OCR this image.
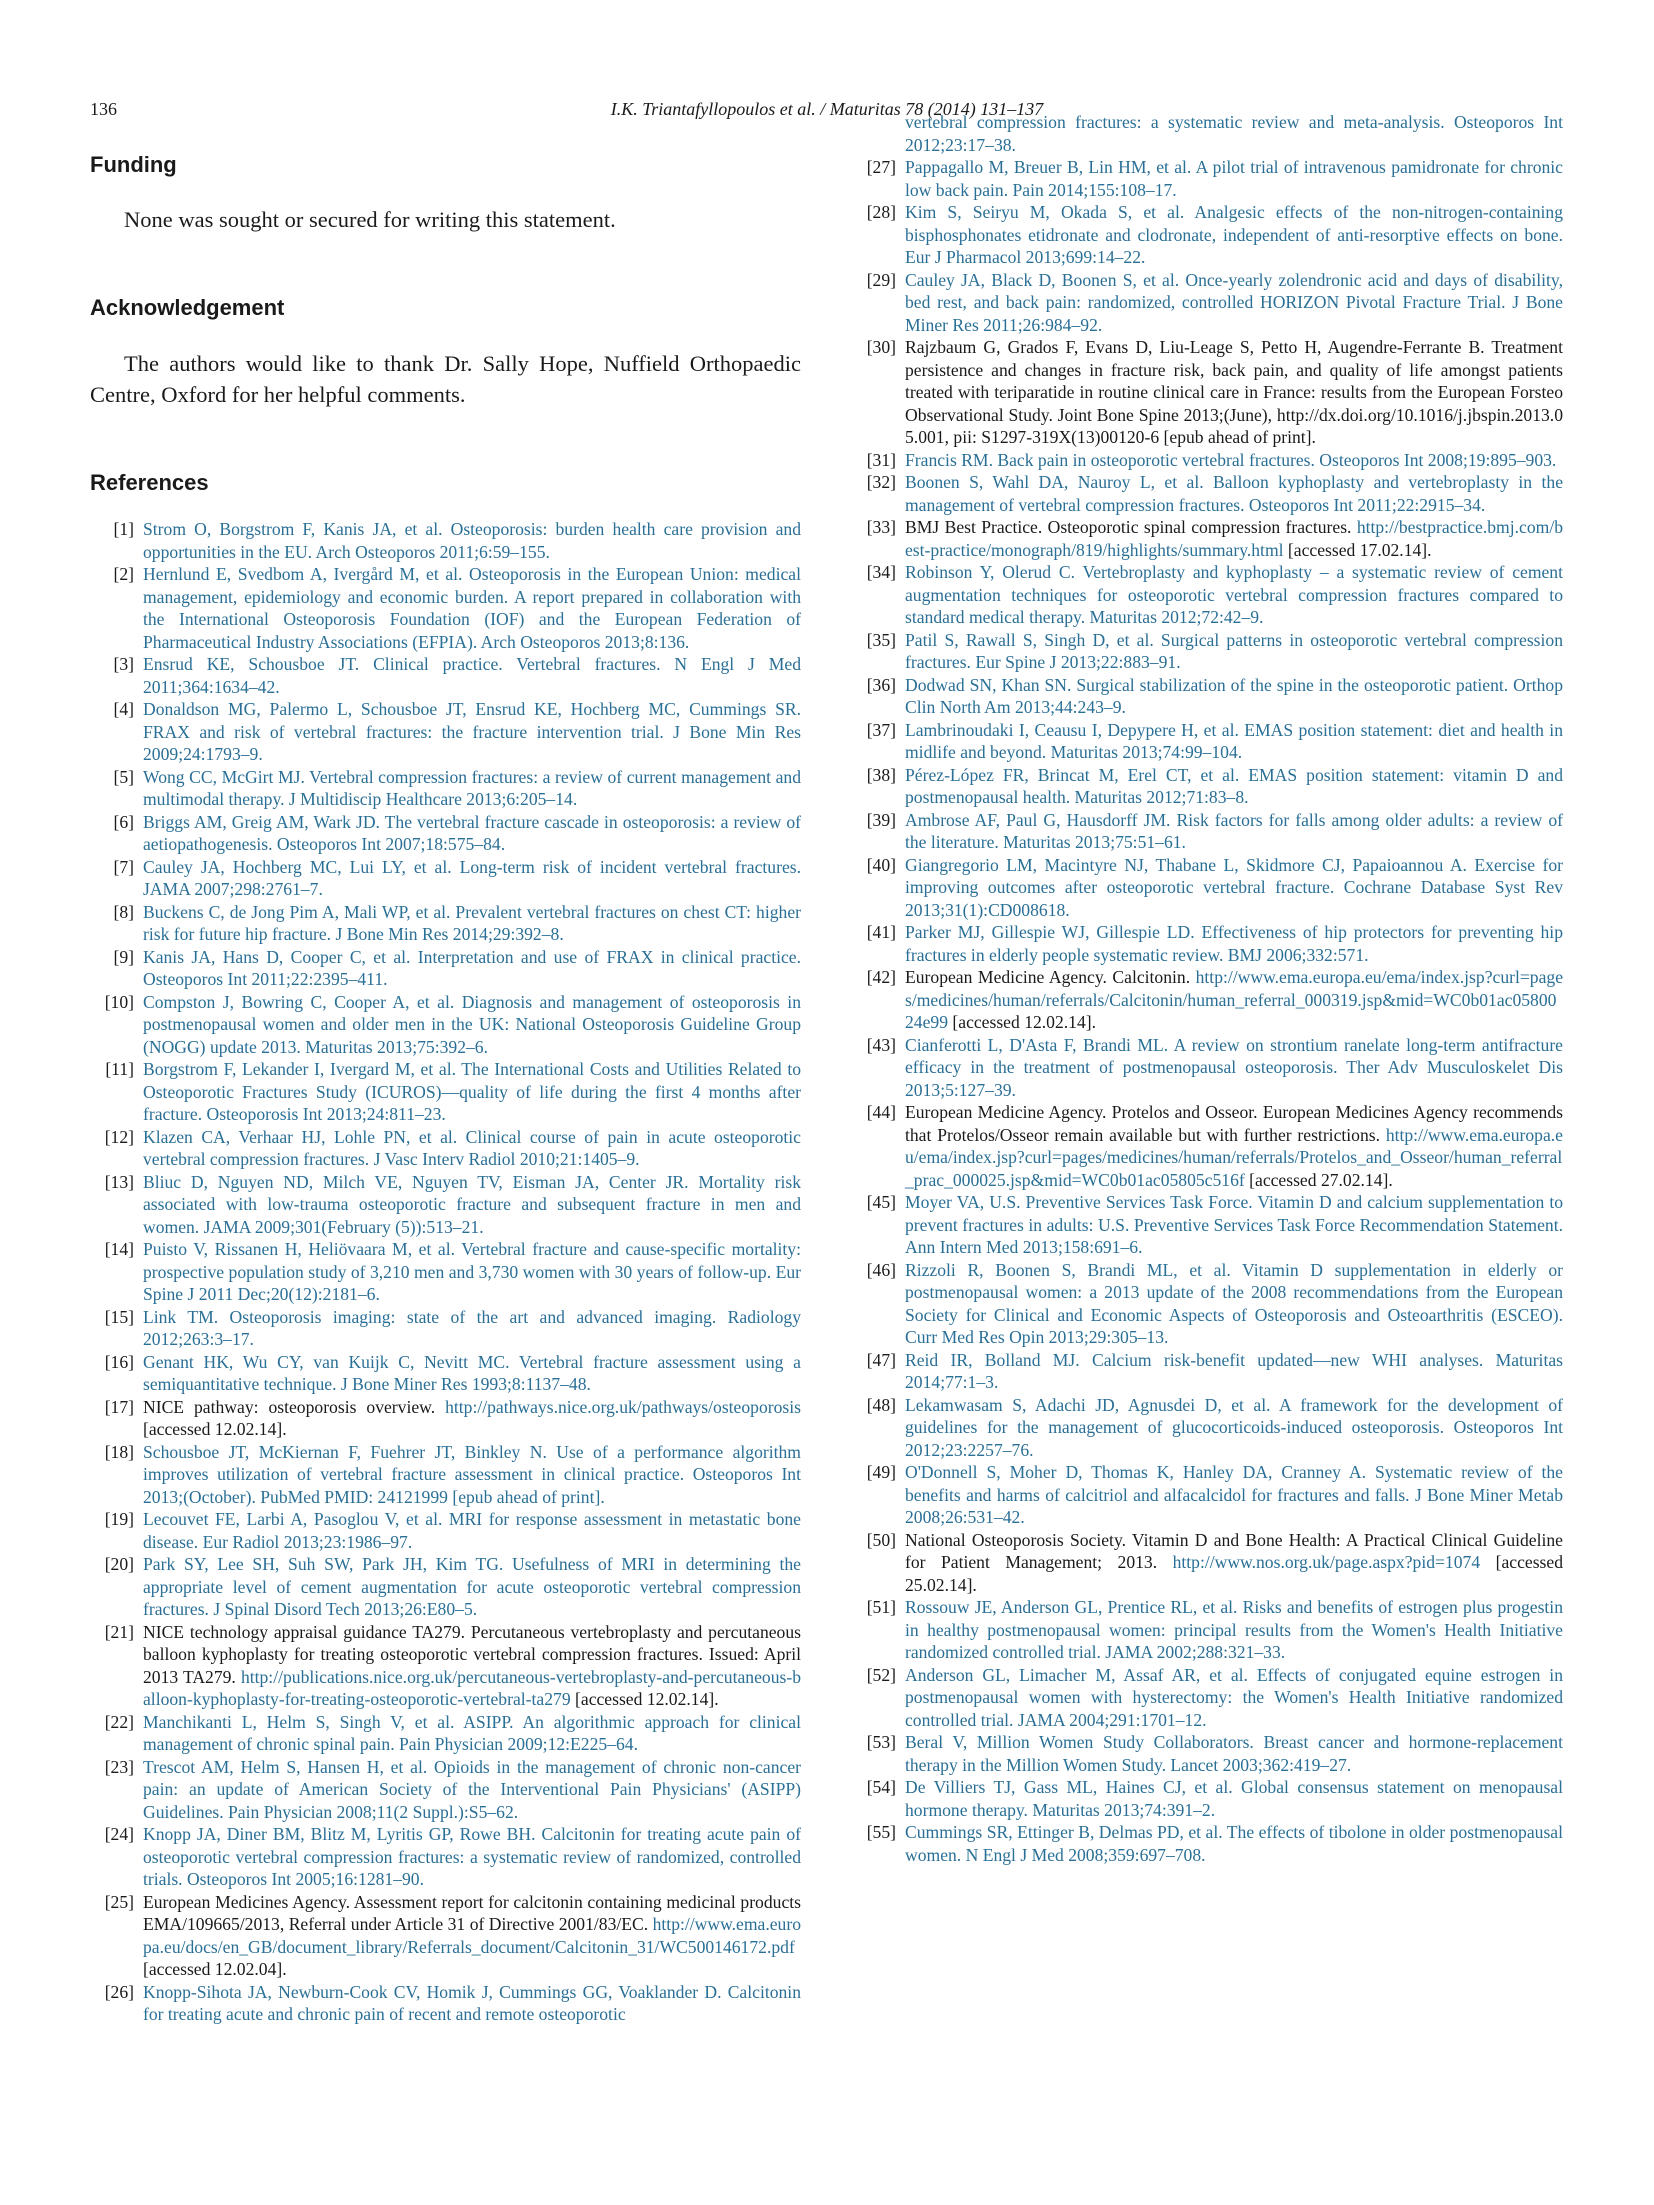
136	I.K. Triantafyllopoulos et al. / Maturitas 78 (2014) 131–137
Funding

None was sought or secured for writing this statement.

Acknowledgement

The authors would like to thank Dr. Sally Hope, Nuffield Orthopaedic Centre, Oxford for her helpful comments.

References
[1] Strom O, Borgstrom F, Kanis JA, et al. Osteoporosis: burden health care provision and opportunities in the EU. Arch Osteoporos 2011;6:59–155.
[2] Hernlund E, Svedbom A, Ivergård M, et al. Osteoporosis in the European Union: medical management, epidemiology and economic burden. A report prepared in collaboration with the International Osteoporosis Foundation (IOF) and the European Federation of Pharmaceutical Industry Associations (EFPIA). Arch Osteoporos 2013;8:136.
[3] Ensrud KE, Schousboe JT. Clinical practice. Vertebral fractures. N Engl J Med 2011;364:1634–42.
[4] Donaldson MG, Palermo L, Schousboe JT, Ensrud KE, Hochberg MC, Cummings SR. FRAX and risk of vertebral fractures: the fracture intervention trial. J Bone Min Res 2009;24:1793–9.
[5] Wong CC, McGirt MJ. Vertebral compression fractures: a review of current management and multimodal therapy. J Multidiscip Healthcare 2013;6:205–14.
[6] Briggs AM, Greig AM, Wark JD. The vertebral fracture cascade in osteoporosis: a review of aetiopathogenesis. Osteoporos Int 2007;18:575–84.
[7] Cauley JA, Hochberg MC, Lui LY, et al. Long-term risk of incident vertebral fractures. JAMA 2007;298:2761–7.
[8] Buckens C, de Jong Pim A, Mali WP, et al. Prevalent vertebral fractures on chest CT: higher risk for future hip fracture. J Bone Min Res 2014;29:392–8.
[9] Kanis JA, Hans D, Cooper C, et al. Interpretation and use of FRAX in clinical practice. Osteoporos Int 2011;22:2395–411.
[10] Compston J, Bowring C, Cooper A, et al. Diagnosis and management of osteoporosis in postmenopausal women and older men in the UK: National Osteoporosis Guideline Group (NOGG) update 2013. Maturitas 2013;75:392–6.
[11] Borgstrom F, Lekander I, Ivergard M, et al. The International Costs and Utilities Related to Osteoporotic Fractures Study (ICUROS)—quality of life during the first 4 months after fracture. Osteoporosis Int 2013;24:811–23.
[12] Klazen CA, Verhaar HJ, Lohle PN, et al. Clinical course of pain in acute osteoporotic vertebral compression fractures. J Vasc Interv Radiol 2010;21:1405–9.
[13] Bliuc D, Nguyen ND, Milch VE, Nguyen TV, Eisman JA, Center JR. Mortality risk associated with low-trauma osteoporotic fracture and subsequent fracture in men and women. JAMA 2009;301(February (5)):513–21.
[14] Puisto V, Rissanen H, Heliövaara M, et al. Vertebral fracture and cause-specific mortality: prospective population study of 3,210 men and 3,730 women with 30 years of follow-up. Eur Spine J 2011 Dec;20(12):2181–6.
[15] Link TM. Osteoporosis imaging: state of the art and advanced imaging. Radiology 2012;263:3–17.
[16] Genant HK, Wu CY, van Kuijk C, Nevitt MC. Vertebral fracture assessment using a semiquantitative technique. J Bone Miner Res 1993;8:1137–48.
[17] NICE pathway: osteoporosis overview. http://pathways.nice.org.uk/pathways/osteoporosis [accessed 12.02.14].
[18] Schousboe JT, McKiernan F, Fuehrer JT, Binkley N. Use of a performance algorithm improves utilization of vertebral fracture assessment in clinical practice. Osteoporos Int 2013;(October). PubMed PMID: 24121999 [epub ahead of print].
[19] Lecouvet FE, Larbi A, Pasoglou V, et al. MRI for response assessment in metastatic bone disease. Eur Radiol 2013;23:1986–97.
[20] Park SY, Lee SH, Suh SW, Park JH, Kim TG. Usefulness of MRI in determining the appropriate level of cement augmentation for acute osteoporotic vertebral compression fractures. J Spinal Disord Tech 2013;26:E80–5.
[21] NICE technology appraisal guidance TA279. Percutaneous vertebroplasty and percutaneous balloon kyphoplasty for treating osteoporotic vertebral compression fractures. Issued: April 2013 TA279. http://publications.nice.org.uk/percutaneous-vertebroplasty-and-percutaneous-balloon-kyphoplasty-for-treating-osteoporotic-vertebral-ta279 [accessed 12.02.14].
[22] Manchikanti L, Helm S, Singh V, et al. ASIPP. An algorithmic approach for clinical management of chronic spinal pain. Pain Physician 2009;12:E225–64.
[23] Trescot AM, Helm S, Hansen H, et al. Opioids in the management of chronic non-cancer pain: an update of American Society of the Interventional Pain Physicians' (ASIPP) Guidelines. Pain Physician 2008;11(2 Suppl.):S5–62.
[24] Knopp JA, Diner BM, Blitz M, Lyritis GP, Rowe BH. Calcitonin for treating acute pain of osteoporotic vertebral compression fractures: a systematic review of randomized, controlled trials. Osteoporos Int 2005;16:1281–90.
[25] European Medicines Agency. Assessment report for calcitonin containing medicinal products EMA/109665/2013, Referral under Article 31 of Directive 2001/83/EC. http://www.ema.europa.eu/docs/en_GB/document_library/Referrals_document/Calcitonin_31/WC500146172.pdf [accessed 12.02.04].
[26] Knopp-Sihota JA, Newburn-Cook CV, Homik J, Cummings GG, Voaklander D. Calcitonin for treating acute and chronic pain of recent and remote osteoporotic
vertebral compression fractures: a systematic review and meta-analysis. Osteoporos Int 2012;23:17–38.
[27] Pappagallo M, Breuer B, Lin HM, et al. A pilot trial of intravenous pamidronate for chronic low back pain. Pain 2014;155:108–17.
[28] Kim S, Seiryu M, Okada S, et al. Analgesic effects of the non-nitrogen-containing bisphosphonates etidronate and clodronate, independent of anti-resorptive effects on bone. Eur J Pharmacol 2013;699:14–22.
[29] Cauley JA, Black D, Boonen S, et al. Once-yearly zolendronic acid and days of disability, bed rest, and back pain: randomized, controlled HORIZON Pivotal Fracture Trial. J Bone Miner Res 2011;26:984–92.
[30] Rajzbaum G, Grados F, Evans D, Liu-Leage S, Petto H, Augendre-Ferrante B. Treatment persistence and changes in fracture risk, back pain, and quality of life amongst patients treated with teriparatide in routine clinical care in France: results from the European Forsteo Observational Study. Joint Bone Spine 2013;(June), http://dx.doi.org/10.1016/j.jbspin.2013.05.001, pii: S1297-319X(13)00120-6 [epub ahead of print].
[31] Francis RM. Back pain in osteoporotic vertebral fractures. Osteoporos Int 2008;19:895–903.
[32] Boonen S, Wahl DA, Nauroy L, et al. Balloon kyphoplasty and vertebroplasty in the management of vertebral compression fractures. Osteoporos Int 2011;22:2915–34.
[33] BMJ Best Practice. Osteoporotic spinal compression fractures. http://bestpractice.bmj.com/best-practice/monograph/819/highlights/summary.html [accessed 17.02.14].
[34] Robinson Y, Olerud C. Vertebroplasty and kyphoplasty – a systematic review of cement augmentation techniques for osteoporotic vertebral compression fractures compared to standard medical therapy. Maturitas 2012;72:42–9.
[35] Patil S, Rawall S, Singh D, et al. Surgical patterns in osteoporotic vertebral compression fractures. Eur Spine J 2013;22:883–91.
[36] Dodwad SN, Khan SN. Surgical stabilization of the spine in the osteoporotic patient. Orthop Clin North Am 2013;44:243–9.
[37] Lambrinoudaki I, Ceausu I, Depypere H, et al. EMAS position statement: diet and health in midlife and beyond. Maturitas 2013;74:99–104.
[38] Pérez-López FR, Brincat M, Erel CT, et al. EMAS position statement: vitamin D and postmenopausal health. Maturitas 2012;71:83–8.
[39] Ambrose AF, Paul G, Hausdorff JM. Risk factors for falls among older adults: a review of the literature. Maturitas 2013;75:51–61.
[40] Giangregorio LM, Macintyre NJ, Thabane L, Skidmore CJ, Papaioannou A. Exercise for improving outcomes after osteoporotic vertebral fracture. Cochrane Database Syst Rev 2013;31(1):CD008618.
[41] Parker MJ, Gillespie WJ, Gillespie LD. Effectiveness of hip protectors for preventing hip fractures in elderly people systematic review. BMJ 2006;332:571.
[42] European Medicine Agency. Calcitonin. http://www.ema.europa.eu/ema/index.jsp?curl=pages/medicines/human/referrals/Calcitonin/human_referral_000319.jsp&mid=WC0b01ac0580024e99 [accessed 12.02.14].
[43] Cianferotti L, D'Asta F, Brandi ML. A review on strontium ranelate long-term antifracture efficacy in the treatment of postmenopausal osteoporosis. Ther Adv Musculoskelet Dis 2013;5:127–39.
[44] European Medicine Agency. Protelos and Osseor. European Medicines Agency recommends that Protelos/Osseor remain available but with further restrictions. http://www.ema.europa.eu/ema/index.jsp?curl=pages/medicines/human/referrals/Protelos_and_Osseor/human_referral_prac_000025.jsp&mid=WC0b01ac05805c516f [accessed 27.02.14].
[45] Moyer VA, U.S. Preventive Services Task Force. Vitamin D and calcium supplementation to prevent fractures in adults: U.S. Preventive Services Task Force Recommendation Statement. Ann Intern Med 2013;158:691–6.
[46] Rizzoli R, Boonen S, Brandi ML, et al. Vitamin D supplementation in elderly or postmenopausal women: a 2013 update of the 2008 recommendations from the European Society for Clinical and Economic Aspects of Osteoporosis and Osteoarthritis (ESCEO). Curr Med Res Opin 2013;29:305–13.
[47] Reid IR, Bolland MJ. Calcium risk-benefit updated—new WHI analyses. Maturitas 2014;77:1–3.
[48] Lekamwasam S, Adachi JD, Agnusdei D, et al. A framework for the development of guidelines for the management of glucocorticoids-induced osteoporosis. Osteoporos Int 2012;23:2257–76.
[49] O'Donnell S, Moher D, Thomas K, Hanley DA, Cranney A. Systematic review of the benefits and harms of calcitriol and alfacalcidol for fractures and falls. J Bone Miner Metab 2008;26:531–42.
[50] National Osteoporosis Society. Vitamin D and Bone Health: A Practical Clinical Guideline for Patient Management; 2013. http://www.nos.org.uk/page.aspx?pid=1074 [accessed 25.02.14].
[51] Rossouw JE, Anderson GL, Prentice RL, et al. Risks and benefits of estrogen plus progestin in healthy postmenopausal women: principal results from the Women's Health Initiative randomized controlled trial. JAMA 2002;288:321–33.
[52] Anderson GL, Limacher M, Assaf AR, et al. Effects of conjugated equine estrogen in postmenopausal women with hysterectomy: the Women's Health Initiative randomized controlled trial. JAMA 2004;291:1701–12.
[53] Beral V, Million Women Study Collaborators. Breast cancer and hormone-replacement therapy in the Million Women Study. Lancet 2003;362:419–27.
[54] De Villiers TJ, Gass ML, Haines CJ, et al. Global consensus statement on menopausal hormone therapy. Maturitas 2013;74:391–2.
[55] Cummings SR, Ettinger B, Delmas PD, et al. The effects of tibolone in older postmenopausal women. N Engl J Med 2008;359:697–708.
